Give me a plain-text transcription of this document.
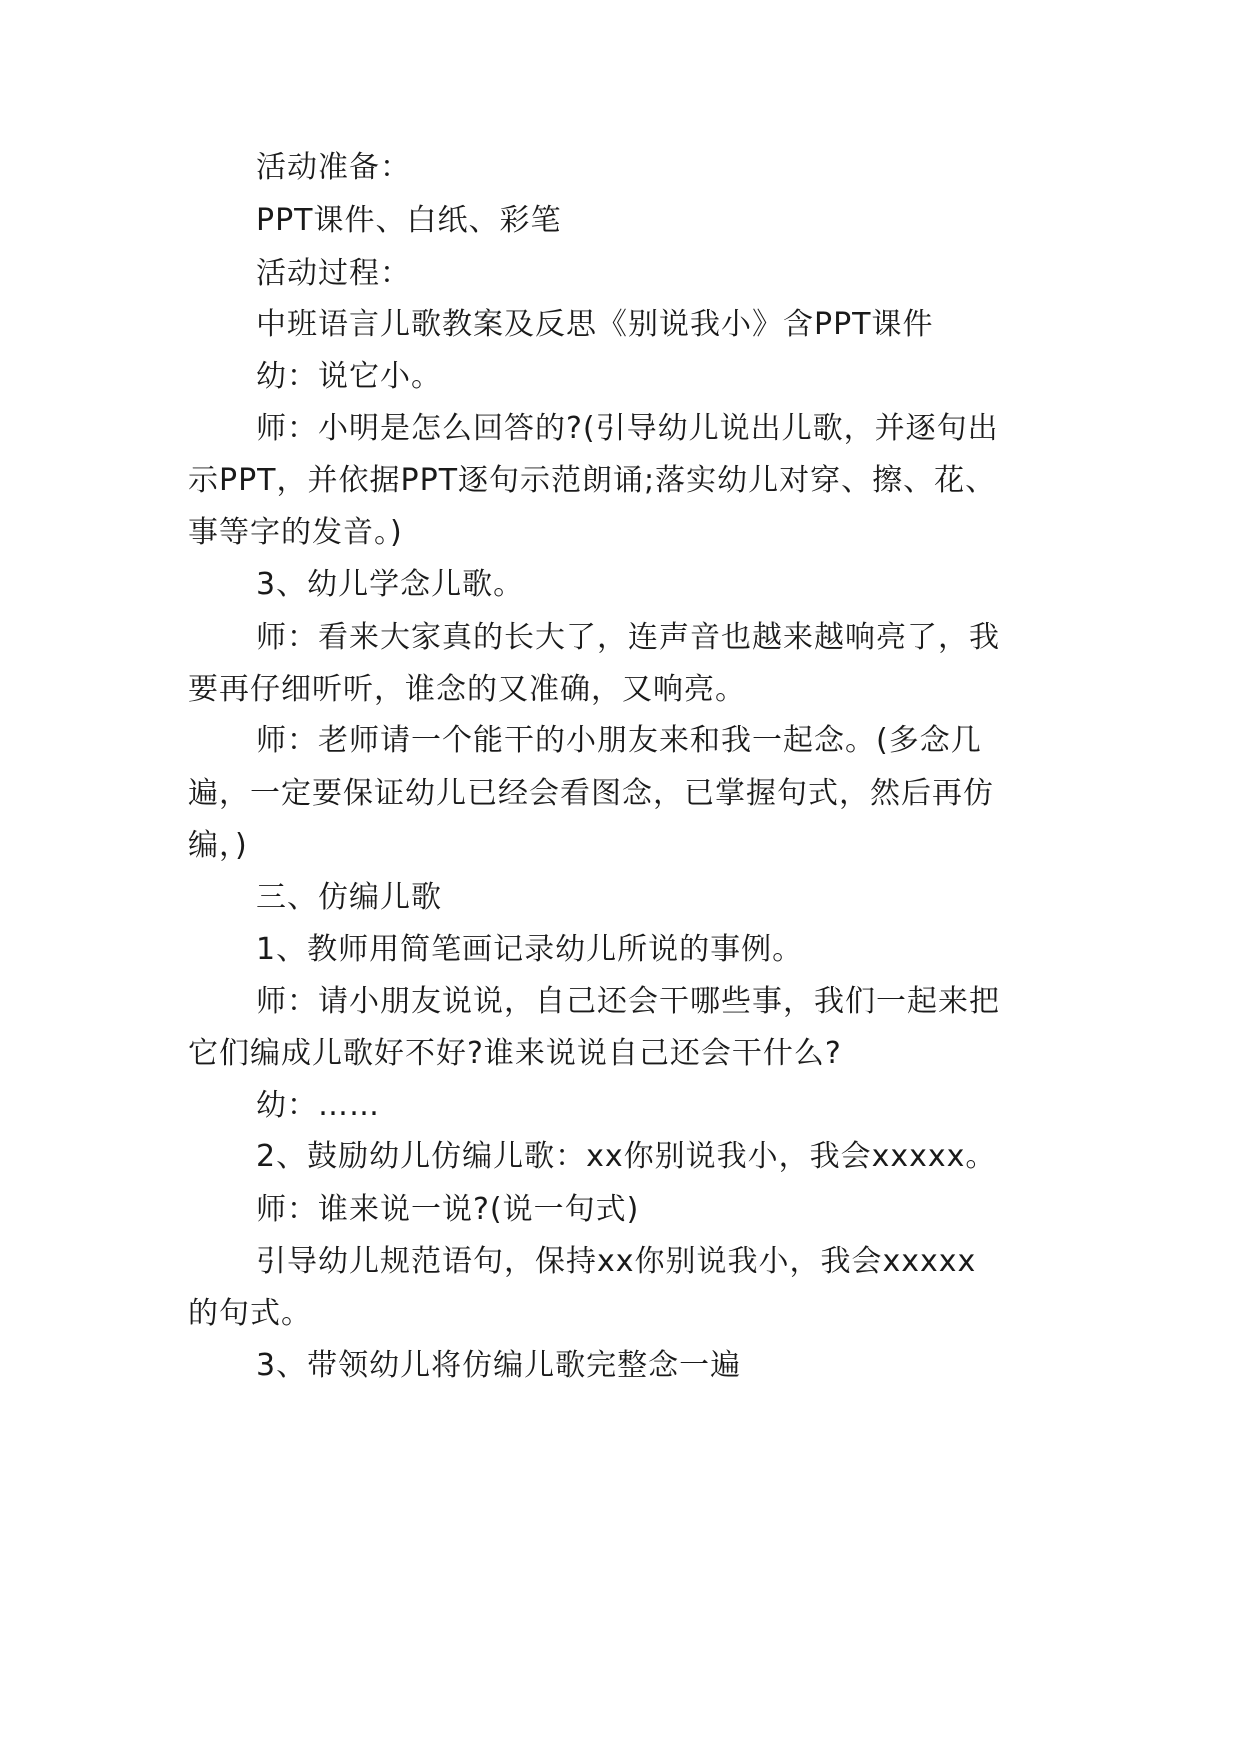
活动准备：
PPT课件、白纸、彩笔
活动过程：
中班语言儿歌教案及反思《别说我小》含PPT课件
幼：说它小。
师：小明是怎么回答的?(引导幼儿说出儿歌，并逐句出
示PPT，并依据PPT逐句示范朗诵;落实幼儿对穿、擦、花、
事等字的发音。)
3、幼儿学念儿歌。
师：看来大家真的长大了，连声音也越来越响亮了，我
要再仔细听听，谁念的又准确，又响亮。
师：老师请一个能干的小朋友来和我一起念。(多念几
遍，一定要保证幼儿已经会看图念，已掌握句式，然后再仿
编，)
三、仿编儿歌
1、教师用简笔画记录幼儿所说的事例。
师：请小朋友说说，自己还会干哪些事，我们一起来把
它们编成儿歌好不好?谁来说说自己还会干什么?
幼：……
2、鼓励幼儿仿编儿歌：xx你别说我小，我会xxxxx。
师：谁来说一说?(说一句式)
引导幼儿规范语句，保持xx你别说我小，我会xxxxx
的句式。
3、带领幼儿将仿编儿歌完整念一遍
